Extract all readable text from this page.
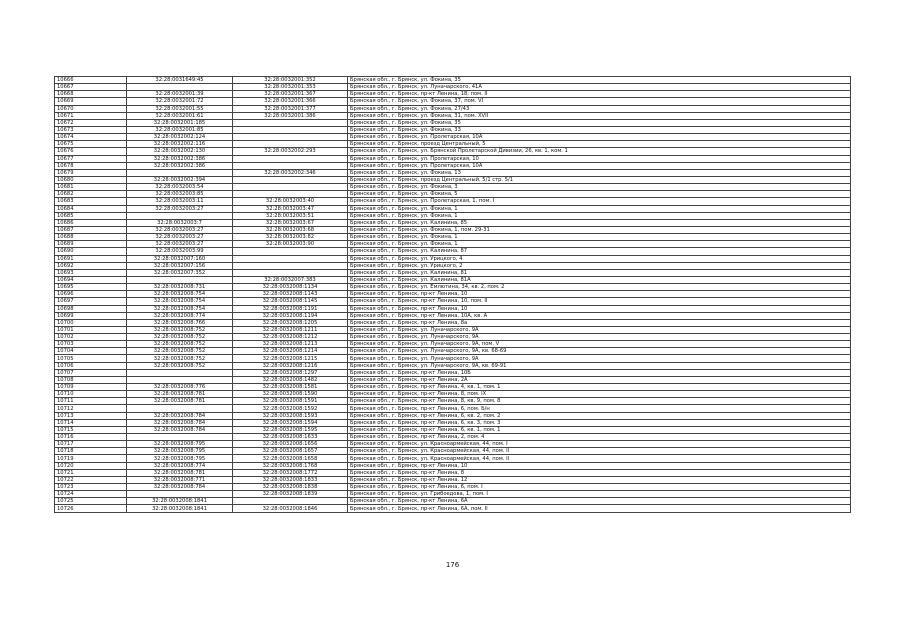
10666	32:28:0031649:45	32:28:0032001:352	Брянская обл., г. Брянск, ул. Фокина, 35
10667		32:28:0032001:353	Брянская обл., г. Брянск, ул. Луначарского, 41А
10668	32:28:0032001:39	32:28:0032001:367	Брянская обл., г. Брянск, пр-кт Ленина, 18, пом. II
10669	32:28:0032001:72	32:28:0032001:366	Брянская обл., г. Брянск, ул. Фокина, 37, пом. VI
10670	32:28:0032001:55	32:28:0032001:377	Брянская обл., г. Брянск, ул. Фокина, 27/43
10671	32:28:0032001:61	32:28:0032001:386	Брянская обл., г. Брянск, ул. Фокина, 31, пом. XVII
10672	32:28:0032001:185		Брянская обл., г. Брянск, ул. Фокина, 35
10673	32:28:0032001:85		Брянская обл., г. Брянск, ул. Фокина, 33
10674	32:28:0032002:124		Брянская обл., г. Брянск, ул. Пролетарская, 10А
10675	32:28:0032002:116		Брянская обл., г. Брянск, проезд Центральный, 5
10676	32:28:0032002:130	32:28:0032002:293	Брянская обл., г. Брянск, ул. Брянской Пролетарской Дивизии, 26, кв. 1, ком. 1
10677	32:28:0032002:386		Брянская обл., г. Брянск, ул. Пролетарская, 10
10678	32:28:0032002:386		Брянская обл., г. Брянск, ул. Пролетарская, 10А
10679		32:28:0032002:346	Брянская обл., г. Брянск, ул. Фокина, 13
10680	32:28:0032002:394		Брянская обл., г. Брянск, проезд Центральный, 5/1 стр. 5/1
10681	32:28:0032003:54		Брянская обл., г. Брянск, ул. Фокина, 3
10682	32:28:0032003:85		Брянская обл., г. Брянск, ул. Фокина, 5
10683	32:28:0032003:11	32:28:0032003:40	Брянская обл., г. Брянск, ул. Пролетарская, 1, пом. I
10684	32:28:0032003:27	32:28:0032003:47	Брянская обл., г. Брянск, ул. Фокина, 1
10685		32:28:0032003:51	Брянская обл., г. Брянск, ул. Фокина, 1
10686	32:28:0032003:7	32:28:0032003:67	Брянская обл., г. Брянск, ул. Калинина, 85
10687	32:28:0032003:27	32:28:0032003:68	Брянская обл., г. Брянск, ул. Фокина, 1, пом. 29-31
10688	32:28:0032003:27	32:28:0032003:82	Брянская обл., г. Брянск, ул. Фокина, 1
10689	32:28:0032003:27	32:28:0032003:90	Брянская обл., г. Брянск, ул. Фокина, 1
10690	32:28:0032003:99		Брянская обл., г. Брянск, ул. Калинина, 87
10691	32:28:0032007:160		Брянская обл., г. Брянск, ул. Урицкого, 4
10692	32:28:0032007:156		Брянская обл., г. Брянск, ул. Урицкого, 2
10693	32:28:0032007:352		Брянская обл., г. Брянск, ул. Калинина, 81
10694		32:28:0032007:383	Брянская обл., г. Брянск, ул. Калинина, 81А
10695	32:28:0032008:731	32:28:0032008:1134	Брянская обл., г. Брянск, ул. Емлютина, 34, кв. 2, пом. 2
10696	32:28:0032008:754	32:28:0032008:1143	Брянская обл., г. Брянск, пр-кт Ленина, 10
10697	32:28:0032008:754	32:28:0032008:1145	Брянская обл., г. Брянск, пр-кт Ленина, 10, пом. II
10698	32:28:0032008:754	32:28:0032008:1191	Брянская обл., г. Брянск, пр-кт Ленина, 10
10699	32:28:0032008:774	32:28:0032008:1194	Брянская обл., г. Брянск, пр-кт Ленина, 10А, кв. А
10700	32:28:0032008:766	32:28:0032008:1205	Брянская обл., г. Брянск, пр-кт Ленина, 8а
10701	32:28:0032008:752	32:28:0032008:1211	Брянская обл., г. Брянск, ул. Луначарского, 9А
10702	32:28:0032008:752	32:28:0032008:1212	Брянская обл., г. Брянск, ул. Луначарского, 9А
10703	32:28:0032008:752	32:28:0032008:1213	Брянская обл., г. Брянск, ул. Луначарского, 9А, пом. V
10704	32:28:0032008:752	32:28:0032008:1214	Брянская обл., г. Брянск, ул. Луначарского, 9А, кв. 68-69
10705	32:28:0032008:752	32:28:0032008:1215	Брянская обл., г. Брянск, ул. Луначарского, 9А
10706	32:28:0032008:752	32:28:0032008:1216	Брянская обл., г. Брянск, ул. Луначарского, 9А, кв. 69-91
10707		32:28:0032008:1297	Брянская обл., г. Брянск, пр-кт Ленина, 10Б
10708		32:28:0032008:1482	Брянская обл., г. Брянск, пр-кт Ленина, 2А
10709	32:28:0032008:776	32:28:0032008:1581	Брянская обл., г. Брянск, пр-кт Ленина, 4, кв. 1, пом. 1
10710	32:28:0032008:781	32:28:0032008:1590	Брянская обл., г. Брянск, пр-кт Ленина, 8, пом. IX
10711	32:28:0032008:781	32:28:0032008:1591	Брянская обл., г. Брянск, пр-кт Ленина, 8, кв. 9, пом. 8
10712		32:28:0032008:1592	Брянская обл., г. Брянск, пр-кт Ленина, 6, пом. Б/н
10713	32:28:0032008:784	32:28:0032008:1593	Брянская обл., г. Брянск, пр-кт Ленина, 6, кв. 2, пом. 2
10714	32:28:0032008:784	32:28:0032008:1594	Брянская обл., г. Брянск, пр-кт Ленина, 6, кв. 3, пом. 3
10715	32:28:0032008:784	32:28:0032008:1595	Брянская обл., г. Брянск, пр-кт Ленина, 6, кв. 1, пом. 1
10716		32:28:0032008:1633	Брянская обл., г. Брянск, пр-кт Ленина, 2, пом. 4
10717	32:28:0032008:795	32:28:0032008:1656	Брянская обл., г. Брянск, ул. Красноармейская, 44, пом. I
10718	32:28:0032008:795	32:28:0032008:1657	Брянская обл., г. Брянск, ул. Красноармейская, 44, пом. II
10719	32:28:0032008:795	32:28:0032008:1658	Брянская обл., г. Брянск, ул. Красноармейская, 44, пом. II
10720	32:28:0032008:774	32:28:0032008:1768	Брянская обл., г. Брянск, пр-кт Ленина, 10
10721	32:28:0032008:781	32:28:0032008:1772	Брянская обл., г. Брянск, пр-кт Ленина, 8
10722	32:28:0032008:771	32:28:0032008:1833	Брянская обл., г. Брянск, пр-кт Ленина, 12
10723	32:28:0032008:784	32:28:0032008:1838	Брянская обл., г. Брянск, пр-кт Ленина, 6, пом. I
10724		32:28:0032008:1839	Брянская обл., г. Брянск, ул. Грибоедова, 1, пом. I
10725	32:28:0032008:1841		Брянская обл., г. Брянск, пр-кт Ленина, 6А
10726	32:28:0032008:1841	32:28:0032008:1846	Брянская обл., г. Брянск, пр-кт Ленина, 6А, пом. II
176
